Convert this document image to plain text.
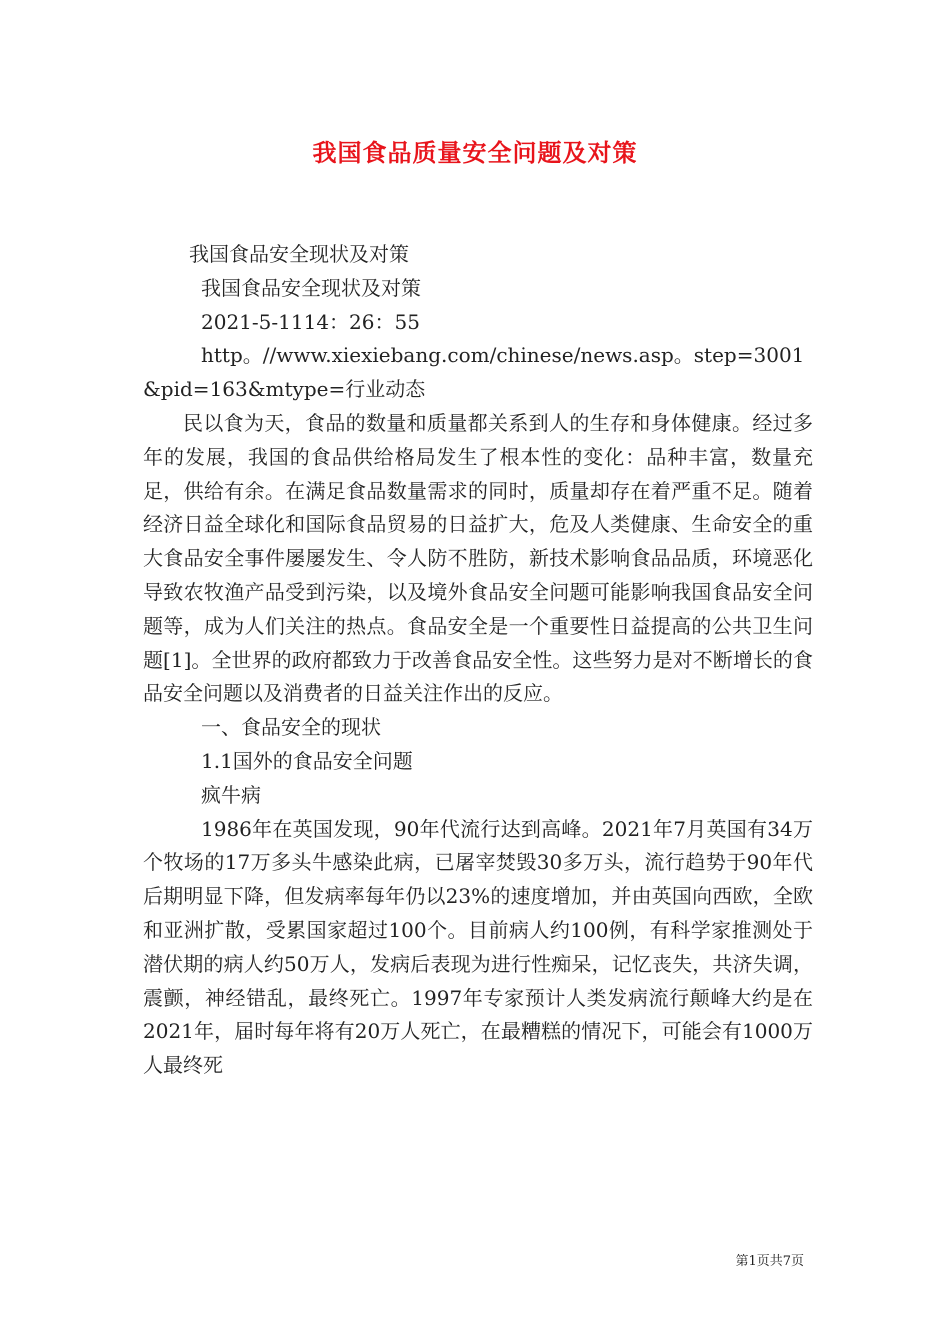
我国食品质量安全问题及对策

我国食品安全现状及对策

我国食品安全现状及对策

2021-5-1114：26：55

http。//www.xiexiebang.com/chinese/news.asp。step=3001

&pid=163&mtype=行业动态

民以食为天，食品的数量和质量都关系到人的生存和身体健康。经过多年的发展，我国的食品供给格局发生了根本性的变化：品种丰富，数量充足，供给有余。在满足食品数量需求的同时，质量却存在着严重不足。随着经济日益全球化和国际食品贸易的日益扩大，危及人类健康、生命安全的重大食品安全事件屡屡发生、令人防不胜防，新技术影响食品品质，环境恶化导致农牧渔产品受到污染，以及境外食品安全问题可能影响我国食品安全问题等，成为人们关注的热点。食品安全是一个重要性日益提高的公共卫生问题[1]。全世界的政府都致力于改善食品安全性。这些努力是对不断增长的食品安全问题以及消费者的日益关注作出的反应。

一、食品安全的现状

1.1国外的食品安全问题

疯牛病

1986年在英国发现，90年代流行达到高峰。2021年7月英国有34万个牧场的17万多头牛感染此病，已屠宰焚毁30多万头，流行趋势于90年代后期明显下降，但发病率每年仍以23%的速度增加，并由英国向西欧，全欧和亚洲扩散，受累国家超过100个。目前病人约100例，有科学家推测处于潜伏期的病人约50万人，发病后表现为进行性痴呆，记忆丧失，共济失调，震颤，神经错乱，最终死亡。1997年专家预计人类发病流行颠峰大约是在2021年，届时每年将有20万人死亡，在最糟糕的情况下，可能会有1000万人最终死

第1页共7页
